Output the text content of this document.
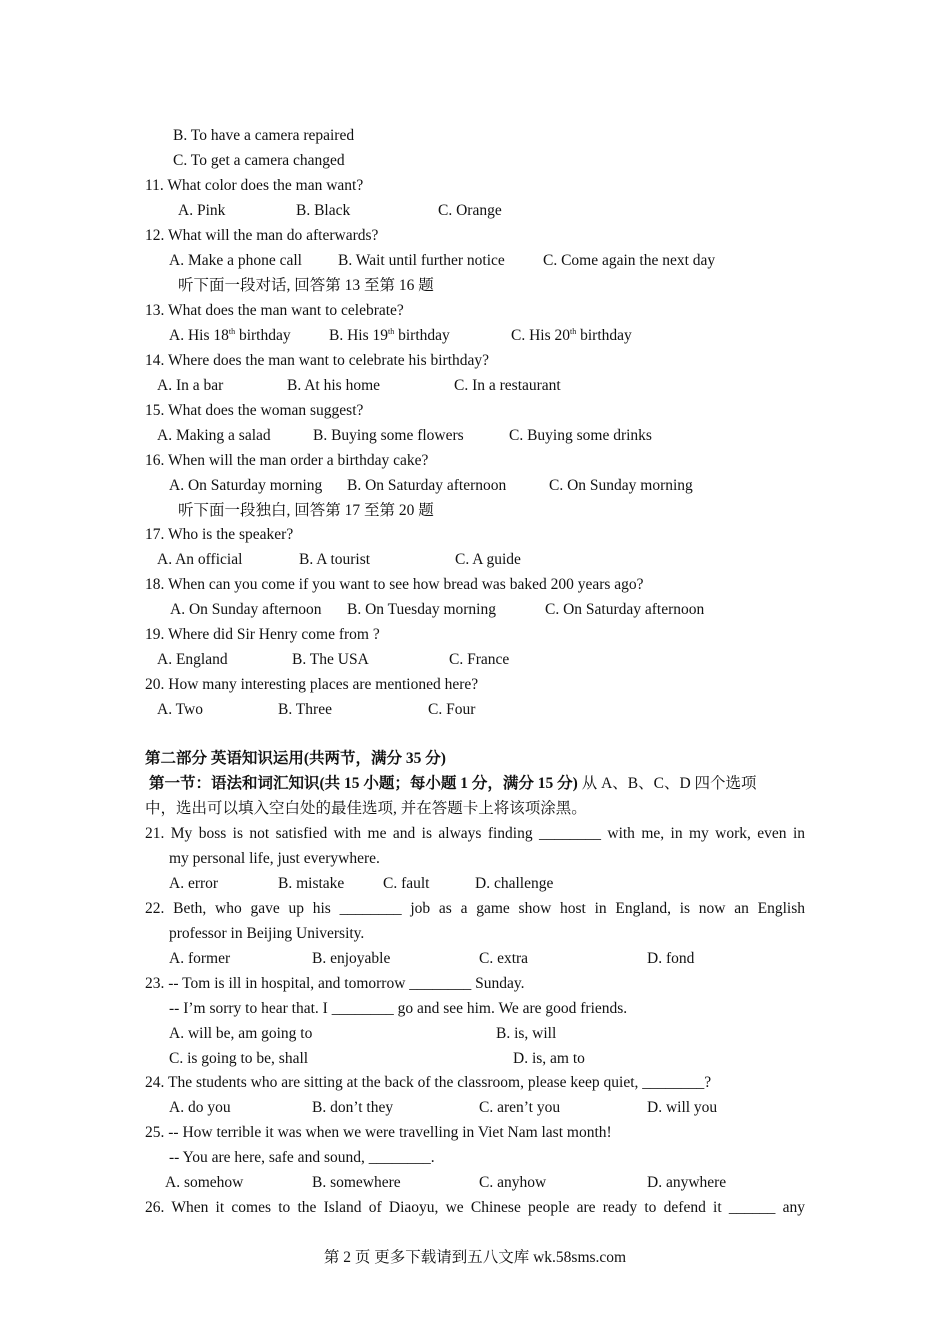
B. To have a camera repaired
C. To get a camera changed
11. What color does the man want?
A. Pink	B. Black	C. Orange
12. What will the man do afterwards?
A. Make a phone call B. Wait until further notice C. Come again the next day
听下面一段对话, 回答第 13 至第 16 题
13. What does the man want to celebrate?
A. His 18th birthday B. His 19th birthday	C. His 20th birthday
14. Where does the man want to celebrate his birthday?
A. In a bar	B. At his home	C. In a restaurant
15. What does the woman suggest?
A. Making a salad	B. Buying some flowers	C. Buying some drinks
16. When will the man order a birthday cake?
A. On Saturday morning B. On Saturday afternoon	C. On Sunday morning
听下面一段独白, 回答第 17 至第 20 题
17. Who is the speaker?
A. An official	B. A tourist	C. A guide
18. When can you come if you want to see how bread was baked 200 years ago?
A. On Sunday afternoon B. On Tuesday morning	C. On Saturday afternoon
19. Where did Sir Henry come from ?
A. England	B. The USA	C. France
20. How many interesting places are mentioned here?
A. Two	B. Three	C. Four
第二部分 英语知识运用(共两节，满分 35 分)
第一节：语法和词汇知识(共 15 小题；每小题 1 分，满分 15 分) 从 A、B、C、D 四个选项
中，选出可以填入空白处的最佳选项, 并在答题卡上将该项涂黑。
21. My boss is not satisfied with me and is always finding ________ with me, in my work, even in
my personal life, just everywhere.
A. error	B. mistake C. fault	D. challenge
22. Beth, who gave up his ________ job as a game show host in England, is now an English
professor in Beijing University.
A. former	B. enjoyable	C. extra	D. fond
23. -- Tom is ill in hospital, and tomorrow ________ Sunday.
-- I’m sorry to hear that. I ________ go and see him. We are good friends.
A. will be, am going to	B. is, will
C. is going to be, shall	D. is, am to
24. The students who are sitting at the back of the classroom, please keep quiet, ________?
A. do you	B. don’t they	C. aren’t you	D. will you
25. -- How terrible it was when we were travelling in Viet Nam last month!
-- You are here, safe and sound, ________.
A. somehow	B. somewhere	C. anyhow	D. anywhere
26. When it comes to the Island of Diaoyu, we Chinese people are ready to defend it ______ any
第 2 页 更多下载请到五八文库 wk.58sms.com
